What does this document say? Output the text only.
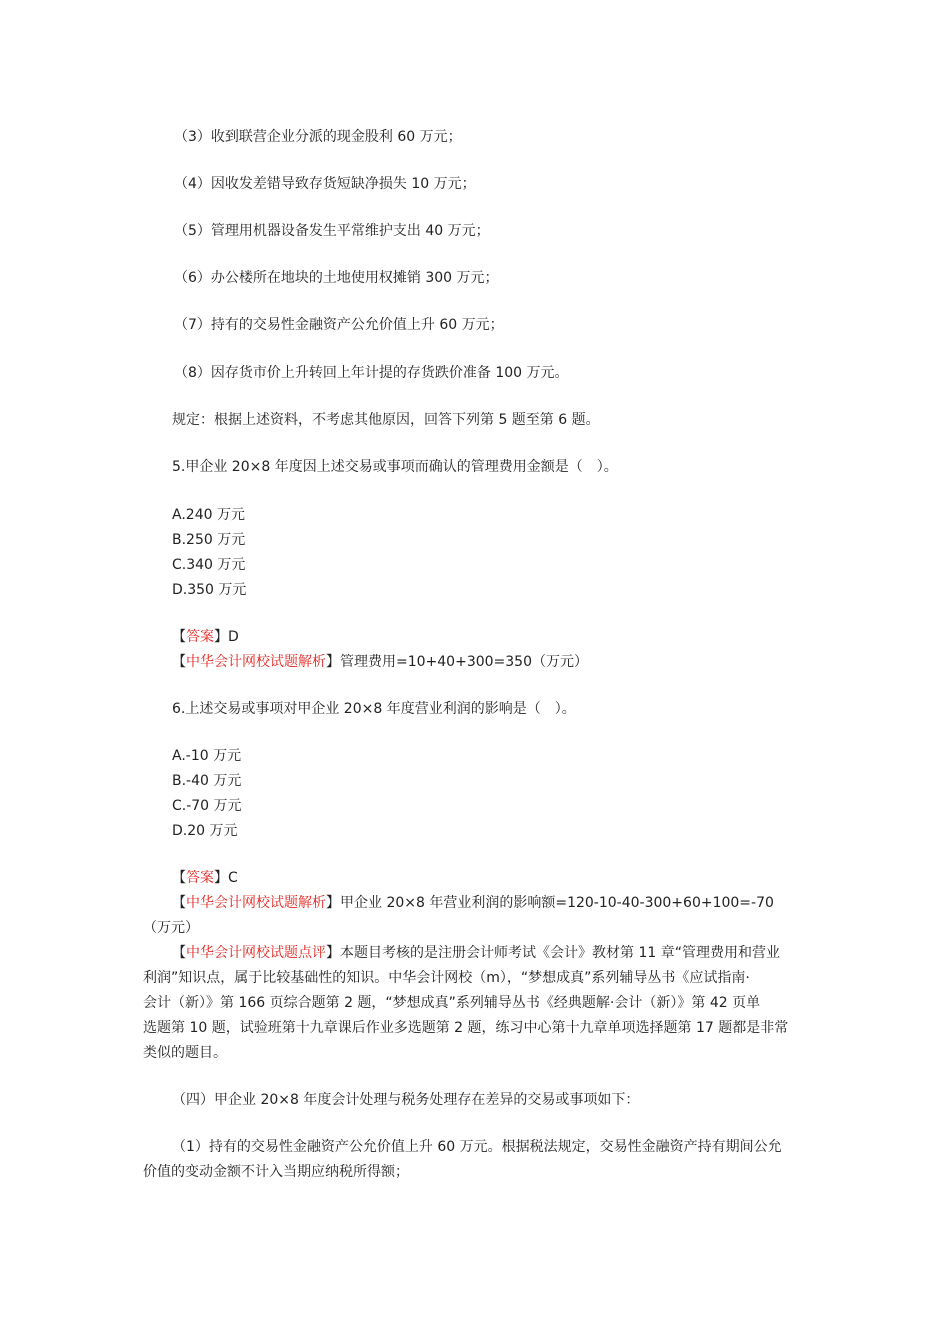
（3）收到联营企业分派的现金股利 60 万元；
（4）因收发差错导致存货短缺净损失 10 万元；
（5）管理用机器设备发生平常维护支出 40 万元；
（6）办公楼所在地块的土地使用权摊销 300 万元；
（7）持有的交易性金融资产公允价值上升 60 万元；
（8）因存货市价上升转回上年计提的存货跌价准备 100 万元。
规定：根据上述资料，不考虑其他原因，回答下列第 5 题至第 6 题。
5.甲企业 20×8 年度因上述交易或事项而确认的管理费用金额是（　）。
A.240 万元
B.250 万元
C.340 万元
D.350 万元
【答案】D
【中华会计网校试题解析】管理费用=10+40+300=350（万元）
6.上述交易或事项对甲企业 20×8 年度营业利润的影响是（　）。
A.-10 万元
B.-40 万元
C.-70 万元
D.20 万元
【答案】C
【中华会计网校试题解析】甲企业 20×8 年营业利润的影响额=120-10-40-300+60+100=-70
（万元）
【中华会计网校试题点评】本题目考核的是注册会计师考试《会计》教材第 11 章“管理费用和营业
利润”知识点，属于比较基础性的知识。中华会计网校（m），“梦想成真”系列辅导丛书《应试指南·
会计（新）》第 166 页综合题第 2 题，“梦想成真”系列辅导丛书《经典题解·会计（新）》第 42 页单
选题第 10 题，试验班第十九章课后作业多选题第 2 题，练习中心第十九章单项选择题第 17 题都是非常
类似的题目。
（四）甲企业 20×8 年度会计处理与税务处理存在差异的交易或事项如下：
（1）持有的交易性金融资产公允价值上升 60 万元。根据税法规定，交易性金融资产持有期间公允
价值的变动金额不计入当期应纳税所得额；
